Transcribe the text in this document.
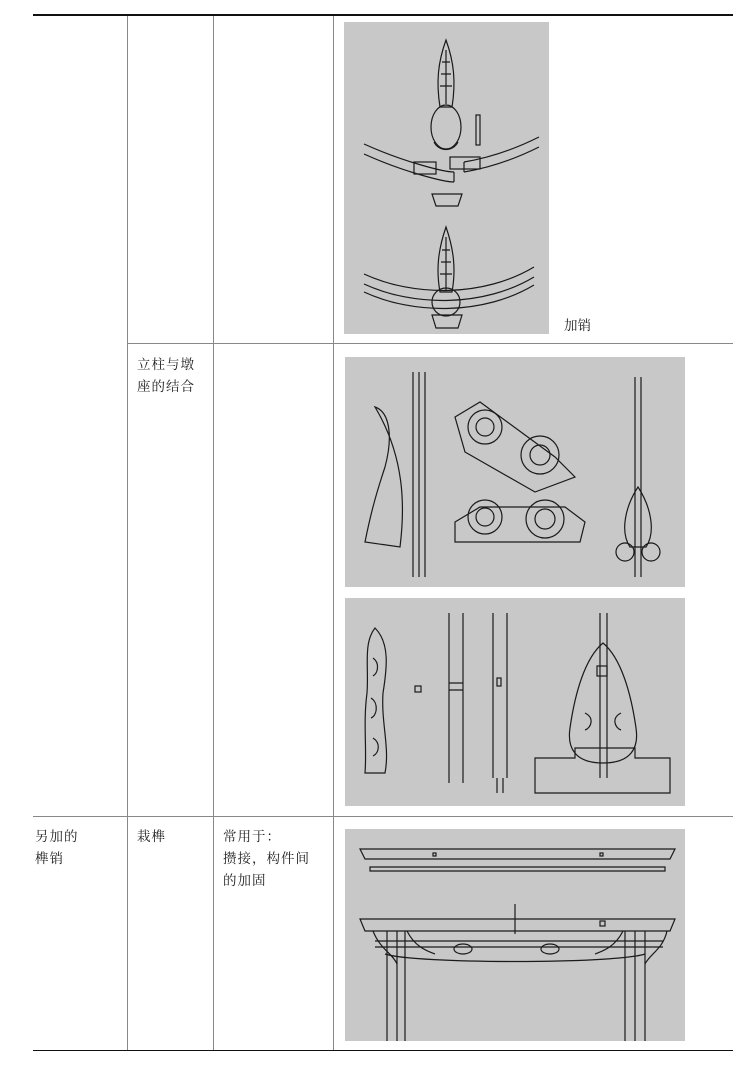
加销
立柱与墩
座的结合
另加的
榫销
栽榫	常用于：
攒接，构件间
的加固
